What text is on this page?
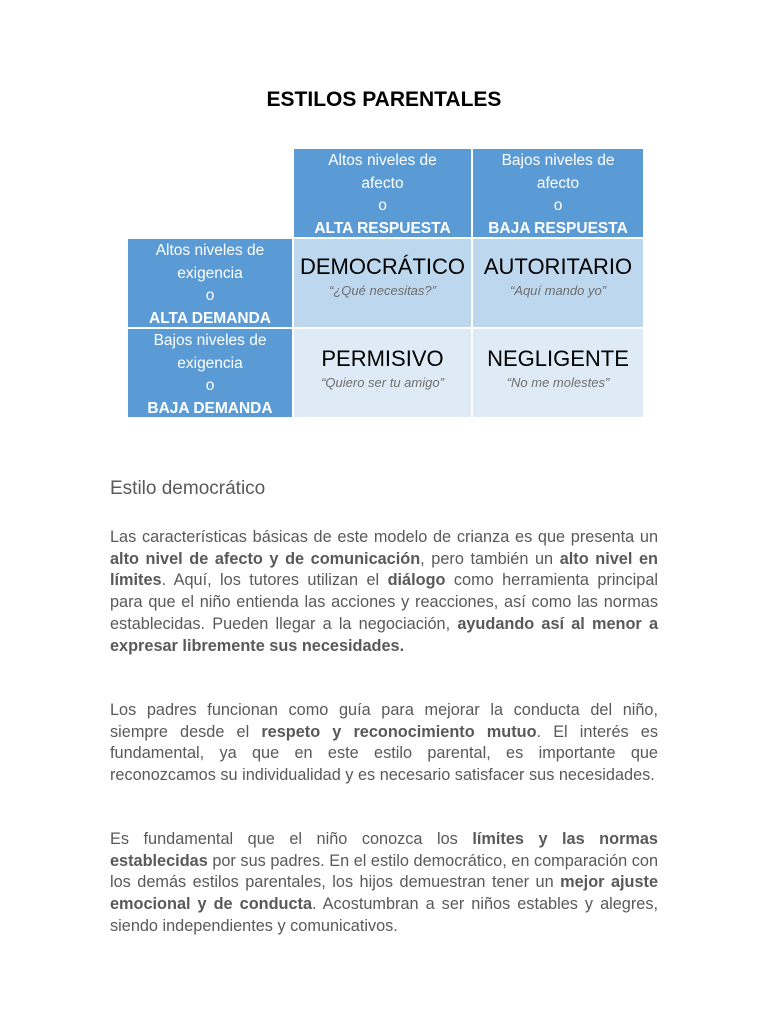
ESTILOS PARENTALES
Altos niveles de
afecto
o
ALTA RESPUESTA
Bajos niveles de
afecto
o
BAJA RESPUESTA
Altos niveles de
exigencia
o
ALTA DEMANDA
DEMOCRÁTICO
“¿Qué necesitas?”
AUTORITARIO
“Aquí mando yo”
Bajos niveles de
exigencia
o
BAJA DEMANDA
PERMISIVO
“Quiero ser tu amigo”
NEGLIGENTE
“No me molestes”
Estilo democrático

Las características básicas de este modelo de crianza es que presenta un alto nivel de afecto y de comunicación, pero también un alto nivel en límites. Aquí, los tutores utilizan el diálogo como herramienta principal para que el niño entienda las acciones y reacciones, así como las normas establecidas. Pueden llegar a la negociación, ayudando así al menor a expresar libremente sus necesidades.

Los padres funcionan como guía para mejorar la conducta del niño, siempre desde el respeto y reconocimiento mutuo. El interés es fundamental, ya que en este estilo parental, es importante que reconozcamos su individualidad y es necesario satisfacer sus necesidades.

Es fundamental que el niño conozca los límites y las normas establecidas por sus padres. En el estilo democrático, en comparación con los demás estilos parentales, los hijos demuestran tener un mejor ajuste emocional y de conducta. Acostumbran a ser niños estables y alegres, siendo independientes y comunicativos.
